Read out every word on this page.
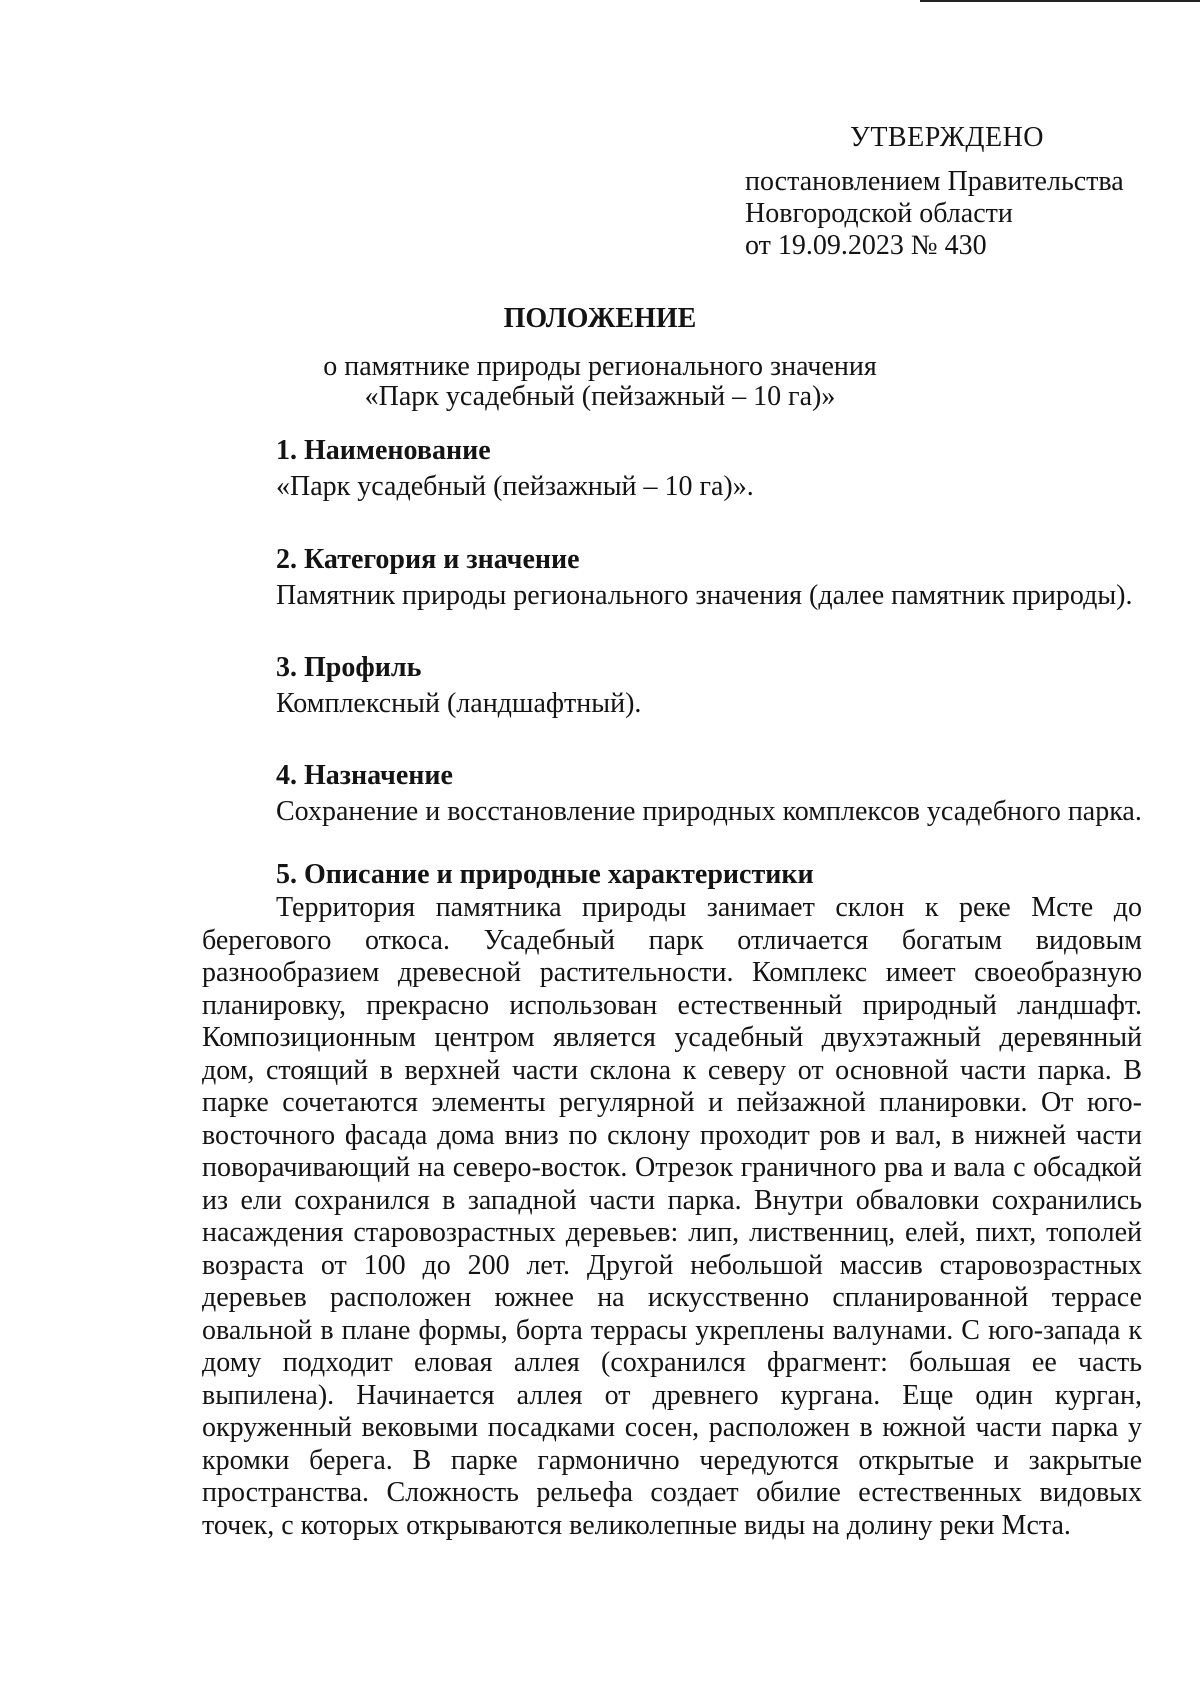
УТВЕРЖДЕНО
постановлением Правительства
Новгородской области
от 19.09.2023 № 430
ПОЛОЖЕНИЕ
о памятнике природы регионального значения
«Парк усадебный (пейзажный – 10 га)»
1. Наименование
«Парк усадебный (пейзажный – 10 га)».
2. Категория и значение
Памятник природы регионального значения (далее памятник природы).
3. Профиль
Комплексный (ландшафтный).
4. Назначение
Сохранение и восстановление природных комплексов усадебного парка.
5. Описание и природные характеристики

Территория памятника природы занимает склон к реке Мсте до берегового откоса. Усадебный парк отличается богатым видовым разнообразием древесной растительности. Комплекс имеет своеобразную планировку, прекрасно использован естественный природный ландшафт. Композиционным центром является усадебный двухэтажный деревянный дом, стоящий в верхней части склона к северу от основной части парка. В парке сочетаются элементы регулярной и пейзажной планировки. От юго-восточного фасада дома вниз по склону проходит ров и вал, в нижней части поворачивающий на северо-восток. Отрезок граничного рва и вала с обсадкой из ели сохранился в западной части парка. Внутри обваловки сохранились насаждения старовозрастных деревьев: лип, лиственниц, елей, пихт, тополей возраста от 100 до 200 лет. Другой небольшой массив старовозрастных деревьев расположен южнее на искусственно спланированной террасе овальной в плане формы, борта террасы укреплены валунами. С юго-запада к дому подходит еловая аллея (сохранился фрагмент: большая ее часть выпилена). Начинается аллея от древнего кургана. Еще один курган, окруженный вековыми посадками сосен, расположен в южной части парка у кромки берега. В парке гармонично чередуются открытые и закрытые пространства. Сложность рельефа создает обилие естественных видовых точек, с которых открываются великолепные виды на долину реки Мста.
